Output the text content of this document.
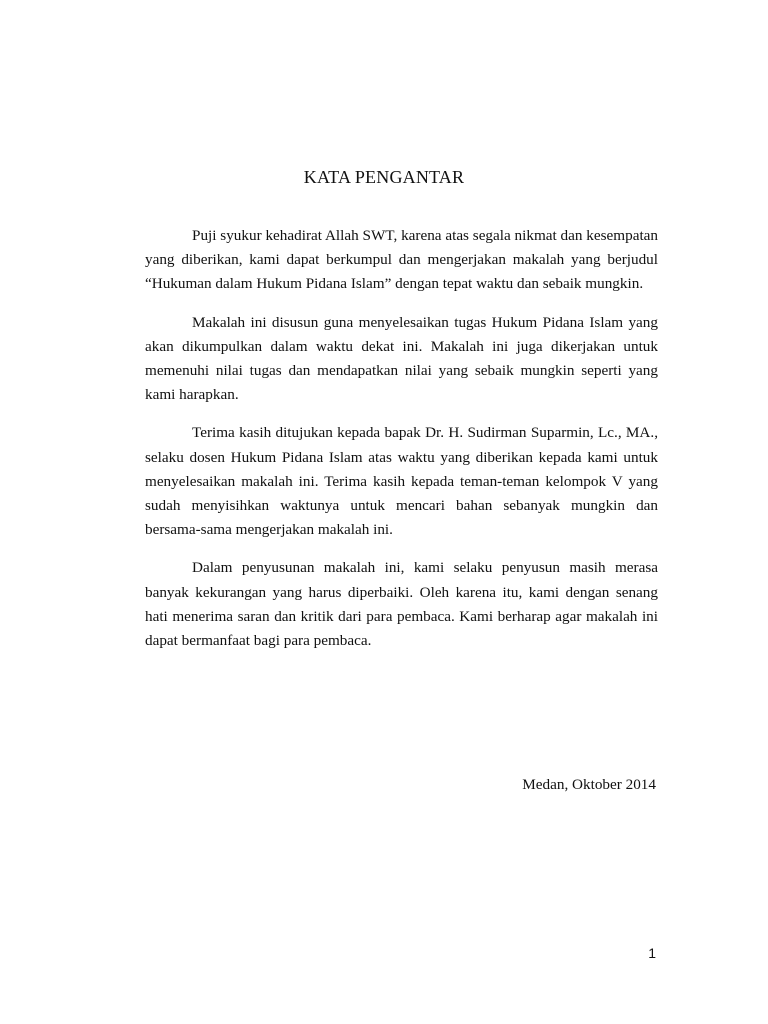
KATA PENGANTAR

Puji syukur kehadirat Allah SWT, karena atas segala nikmat dan kesempatan yang diberikan, kami dapat berkumpul dan mengerjakan makalah yang berjudul “Hukuman dalam Hukum Pidana Islam” dengan tepat waktu dan sebaik mungkin.

Makalah ini disusun guna menyelesaikan tugas Hukum Pidana Islam yang akan dikumpulkan dalam waktu dekat ini. Makalah ini juga dikerjakan untuk memenuhi nilai tugas dan mendapatkan nilai yang sebaik mungkin seperti yang kami harapkan.

Terima kasih ditujukan kepada bapak Dr. H. Sudirman Suparmin, Lc., MA., selaku dosen Hukum Pidana Islam atas waktu yang diberikan kepada kami untuk menyelesaikan makalah ini. Terima kasih kepada teman-teman kelompok V yang sudah menyisihkan waktunya untuk mencari bahan sebanyak mungkin dan bersama-sama mengerjakan makalah ini.

Dalam penyusunan makalah ini, kami selaku penyusun masih merasa banyak kekurangan yang harus diperbaiki. Oleh karena itu, kami dengan senang hati menerima saran dan kritik dari para pembaca. Kami berharap agar makalah ini dapat bermanfaat bagi para pembaca.

Medan, Oktober 2014

1
